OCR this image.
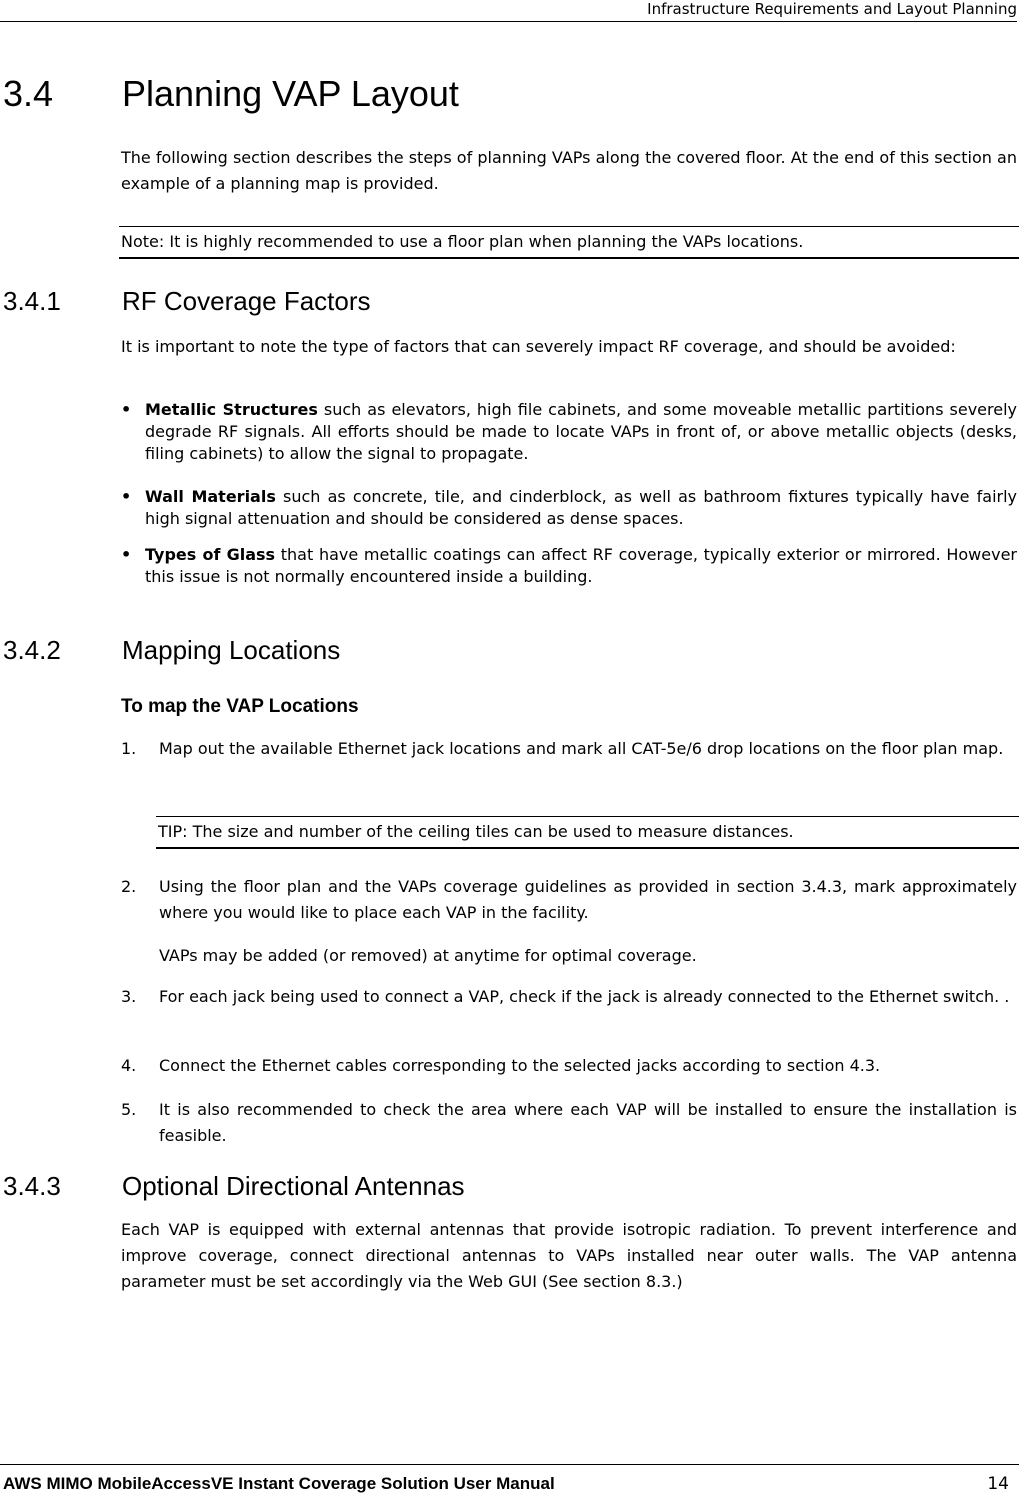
Infrastructure Requirements and Layout Planning
3.4 Planning VAP Layout
The following section describes the steps of planning VAPs along the covered floor. At the end of this section an example of a planning map is provided.
Note: It is highly recommended to use a floor plan when planning the VAPs locations.
3.4.1 RF Coverage Factors
It is important to note the type of factors that can severely impact RF coverage, and should be avoided:
• Metallic Structures such as elevators, high file cabinets, and some moveable metallic partitions severely degrade RF signals. All efforts should be made to locate VAPs in front of, or above metallic objects (desks, filing cabinets) to allow the signal to propagate.
• Wall Materials such as concrete, tile, and cinderblock, as well as bathroom fixtures typically have fairly high signal attenuation and should be considered as dense spaces.
• Types of Glass that have metallic coatings can affect RF coverage, typically exterior or mirrored. However this issue is not normally encountered inside a building.
3.4.2 Mapping Locations
To map the VAP Locations
1. Map out the available Ethernet jack locations and mark all CAT-5e/6 drop locations on the floor plan map.
TIP: The size and number of the ceiling tiles can be used to measure distances.
2. Using the floor plan and the VAPs coverage guidelines as provided in section 3.4.3, mark approximately where you would like to place each VAP in the facility.
VAPs may be added (or removed) at anytime for optimal coverage.
3. For each jack being used to connect a VAP, check if the jack is already connected to the Ethernet switch. .
4. Connect the Ethernet cables corresponding to the selected jacks according to section 4.3.
5. It is also recommended to check the area where each VAP will be installed to ensure the installation is feasible.
3.4.3 Optional Directional Antennas
Each VAP is equipped with external antennas that provide isotropic radiation. To prevent interference and improve coverage, connect directional antennas to VAPs installed near outer walls. The VAP antenna parameter must be set accordingly via the Web GUI (See section 8.3.)
AWS MIMO MobileAccessVE Instant Coverage Solution User Manual	14
